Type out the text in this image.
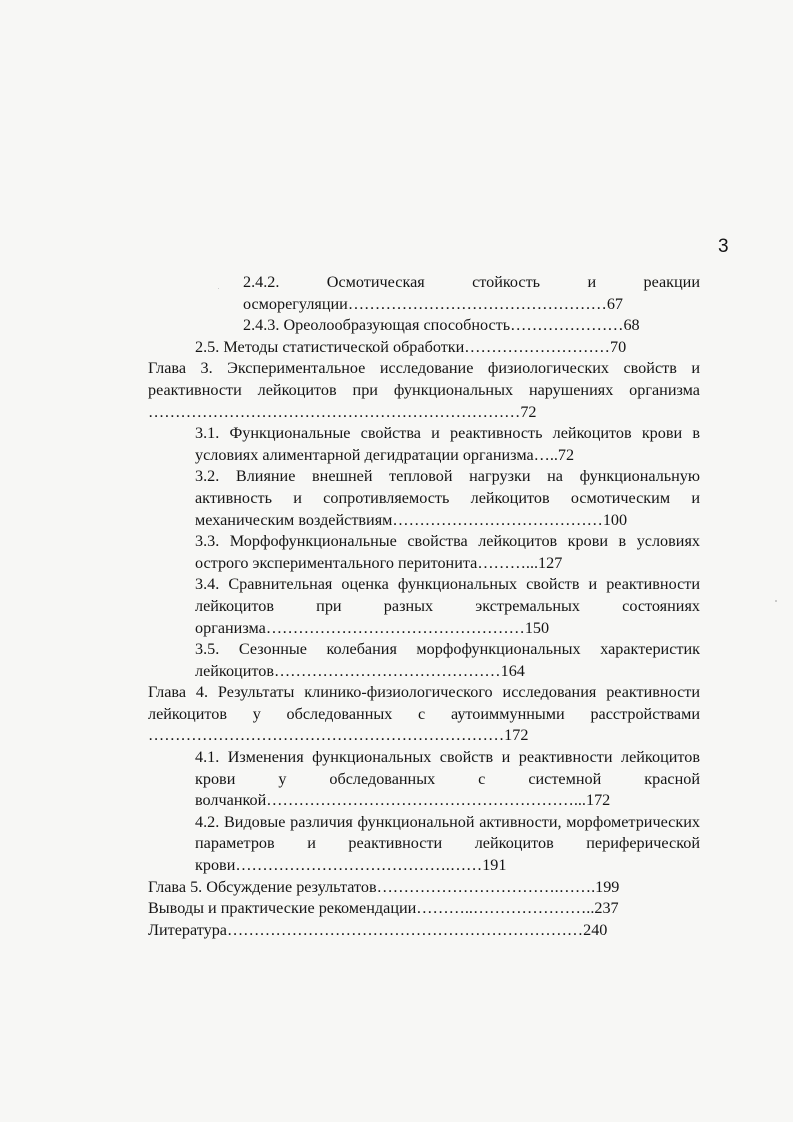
3
2.4.2. Осмотическая стойкость и реакции осморегуляции…………………………………………67
2.4.3. Ореолообразующая способность…………………68
2.5. Методы статистической обработки………………………70
Глава 3. Экспериментальное исследование физиологических свойств и реактивности лейкоцитов при функциональных нарушениях организма ……………………………………………………………72
3.1. Функциональные свойства и реактивность лейкоцитов крови в условиях алиментарной дегидратации организма…..72
3.2. Влияние внешней тепловой нагрузки на функциональную активность и сопротивляемость лейкоцитов осмотическим и механическим воздействиям…………………………………100
3.3. Морфофункциональные свойства лейкоцитов крови в условиях острого экспериментального перитонита………...127
3.4. Сравнительная оценка функциональных свойств и реактивности лейкоцитов при разных экстремальных состояниях организма…………………………………………150
3.5. Сезонные колебания морфофункциональных характеристик лейкоцитов……………………………………164
Глава 4. Результаты клинико-физиологического исследования реактивности лейкоцитов у обследованных с аутоиммунными расстройствами …………………………………………………………172
4.1. Изменения функциональных свойств и реактивности лейкоцитов крови у обследованных с системной красной волчанкой…………………………………………………...172
4.2. Видовые различия функциональной активности, морфометрических параметров и реактивности лейкоцитов периферической крови………………………………….……191
Глава 5. Обсуждение результатов…………………………….…….199
Выводы и практические рекомендации………..…………………..237
Литература…………………………………………………………240
